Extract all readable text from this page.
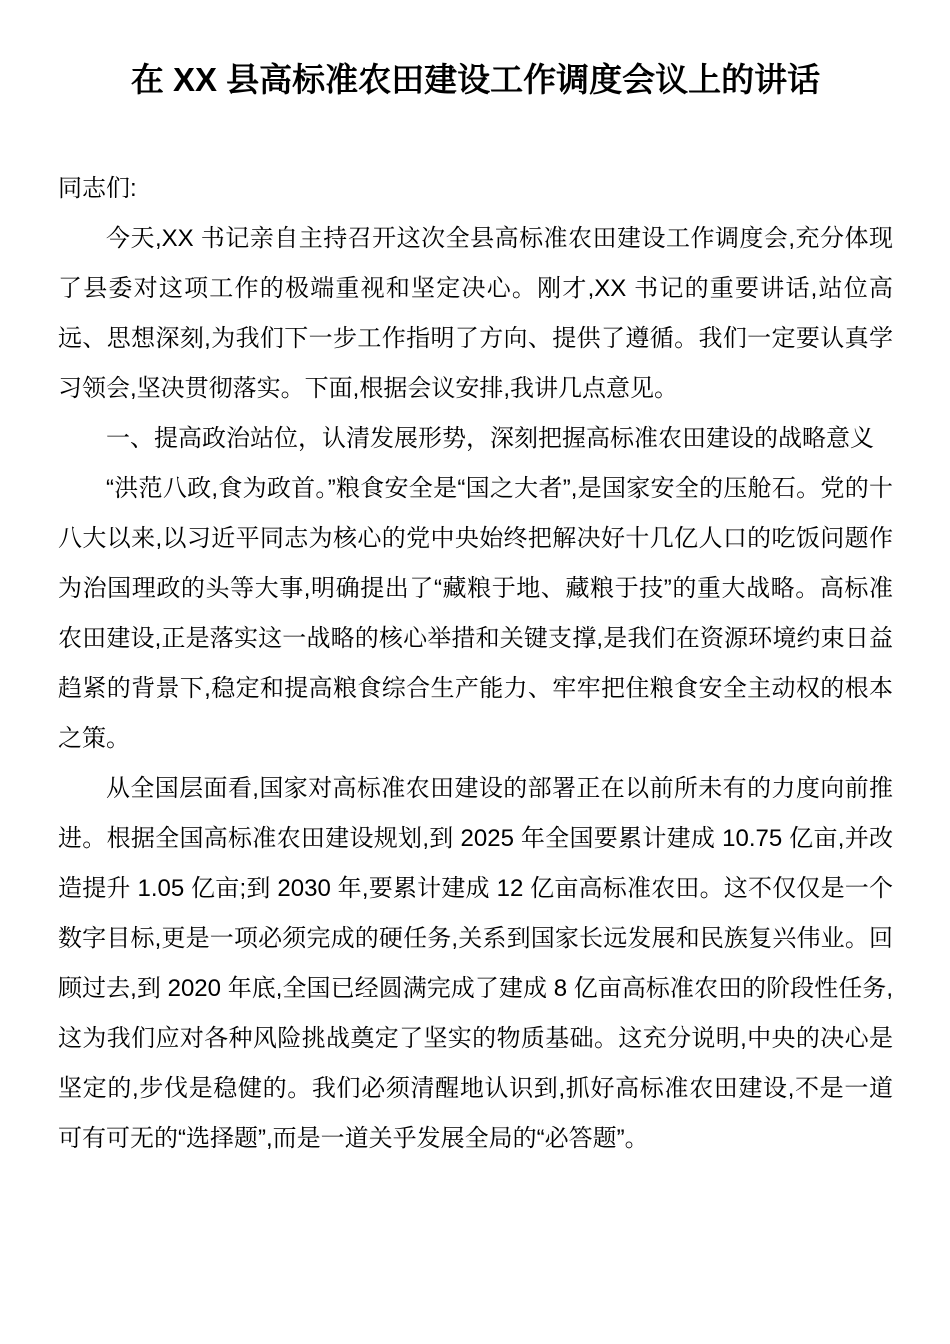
在 XX 县高标准农田建设工作调度会议上的讲话

同志们:

今天,XX 书记亲自主持召开这次全县高标准农田建设工作调度会,充分体现了县委对这项工作的极端重视和坚定决心。刚才,XX 书记的重要讲话,站位高远、思想深刻,为我们下一步工作指明了方向、提供了遵循。我们一定要认真学习领会,坚决贯彻落实。下面,根据会议安排,我讲几点意见。

一、提高政治站位，认清发展形势，深刻把握高标准农田建设的战略意义

“洪范八政,食为政首。”粮食安全是“国之大者”,是国家安全的压舱石。党的十八大以来,以习近平同志为核心的党中央始终把解决好十几亿人口的吃饭问题作为治国理政的头等大事,明确提出了“藏粮于地、藏粮于技”的重大战略。高标准农田建设,正是落实这一战略的核心举措和关键支撑,是我们在资源环境约束日益趋紧的背景下,稳定和提高粮食综合生产能力、牢牢把住粮食安全主动权的根本之策。

从全国层面看,国家对高标准农田建设的部署正在以前所未有的力度向前推进。根据全国高标准农田建设规划,到 2025 年全国要累计建成 10.75 亿亩,并改造提升 1.05 亿亩;到 2030 年,要累计建成 12 亿亩高标准农田。这不仅仅是一个数字目标,更是一项必须完成的硬任务,关系到国家长远发展和民族复兴伟业。回顾过去,到 2020 年底,全国已经圆满完成了建成 8 亿亩高标准农田的阶段性任务,这为我们应对各种风险挑战奠定了坚实的物质基础。这充分说明,中央的决心是坚定的,步伐是稳健的。我们必须清醒地认识到,抓好高标准农田建设,不是一道可有可无的“选择题”,而是一道关乎发展全局的“必答题”。
